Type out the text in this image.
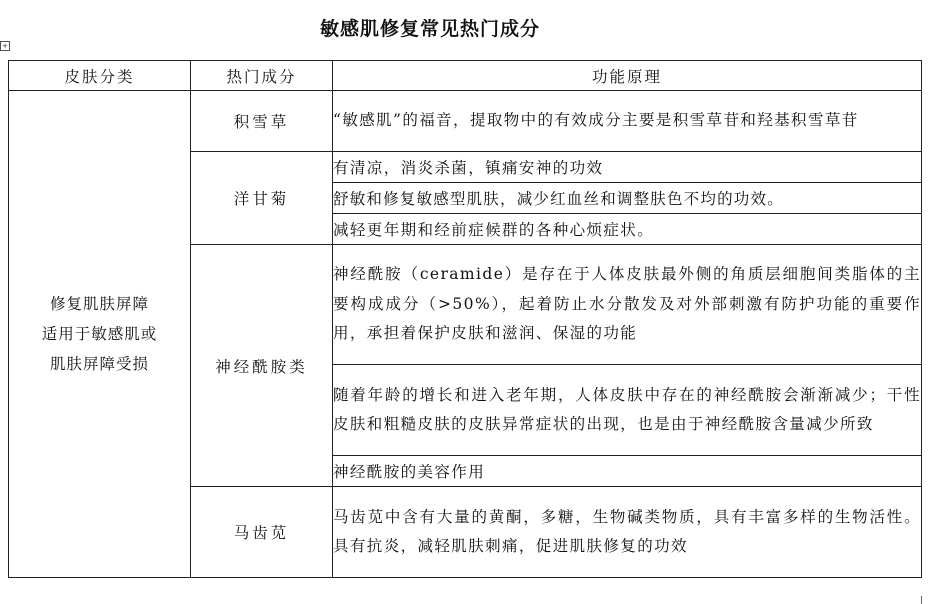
敏感肌修复常见热门成分
+
皮肤分类	热门成分	功能原理

修复肌肤屏障
适用于敏感肌或
肌肤屏障受损	积雪草	“敏感肌”的福音，提取物中的有效成分主要是积雪草苷和羟基积雪草苷
	洋甘菊	有清凉，消炎杀菌，镇痛安神的功效
		舒敏和修复敏感型肌肤，减少红血丝和调整肤色不均的功效。
		减轻更年期和经前症候群的各种心烦症状。
	神经酰胺类	神经酰胺（ceramide）是存在于人体皮肤最外侧的角质层细胞间类脂体的主要构成成分（>50%），起着防止水分散发及对外部刺激有防护功能的重要作用，承担着保护皮肤和滋润、保湿的功能
		随着年龄的增长和进入老年期，人体皮肤中存在的神经酰胺会渐渐减少；干性皮肤和粗糙皮肤的皮肤异常症状的出现，也是由于神经酰胺含量减少所致
		神经酰胺的美容作用
	马齿苋	马齿苋中含有大量的黄酮，多糖，生物碱类物质，具有丰富多样的生物活性。具有抗炎，减轻肌肤刺痛，促进肌肤修复的功效
